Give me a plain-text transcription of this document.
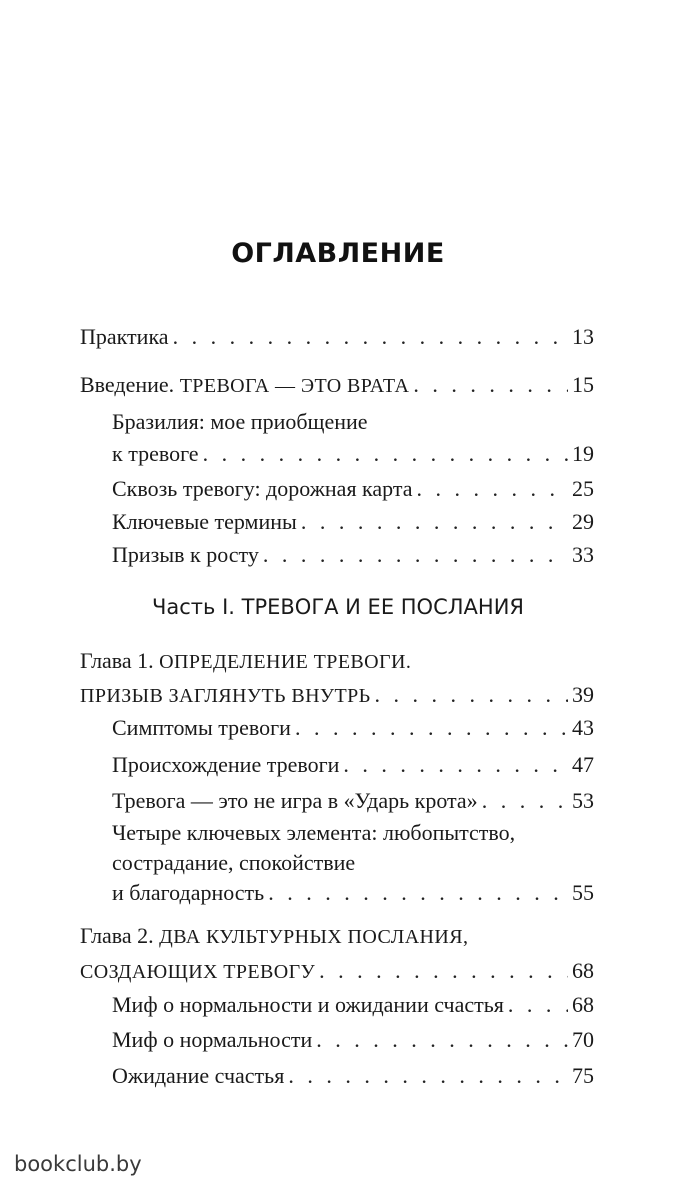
ОГЛАВЛЕНИЕ
Практика . . .	13
Введение. ТРЕВОГА — ЭТО ВРАТА . . .	15
Бразилия: мое приобщение
к тревоге . . .	19
Сквозь тревогу: дорожная карта . . .	25
Ключевые термины . . .	29
Призыв к росту . . .	33
Часть I. ТРЕВОГА И ЕЕ ПОСЛАНИЯ
Глава 1. ОПРЕДЕЛЕНИЕ ТРЕВОГИ.
ПРИЗЫВ ЗАГЛЯНУТЬ ВНУТРЬ . . .	39
Симптомы тревоги . . .	43
Происхождение тревоги . . .	47
Тревога — это не игра в «Ударь крота» . . .	53
Четыре ключевых элемента: любопытство,
сострадание, спокойствие
и благодарность . . .	55
Глава 2. ДВА КУЛЬТУРНЫХ ПОСЛАНИЯ,
СОЗДАЮЩИХ ТРЕВОГУ . . .	68
Миф о нормальности и ожидании счастья . . .	68
Миф о нормальности . . .	70
Ожидание счастья . . .	75
bookclub.by
